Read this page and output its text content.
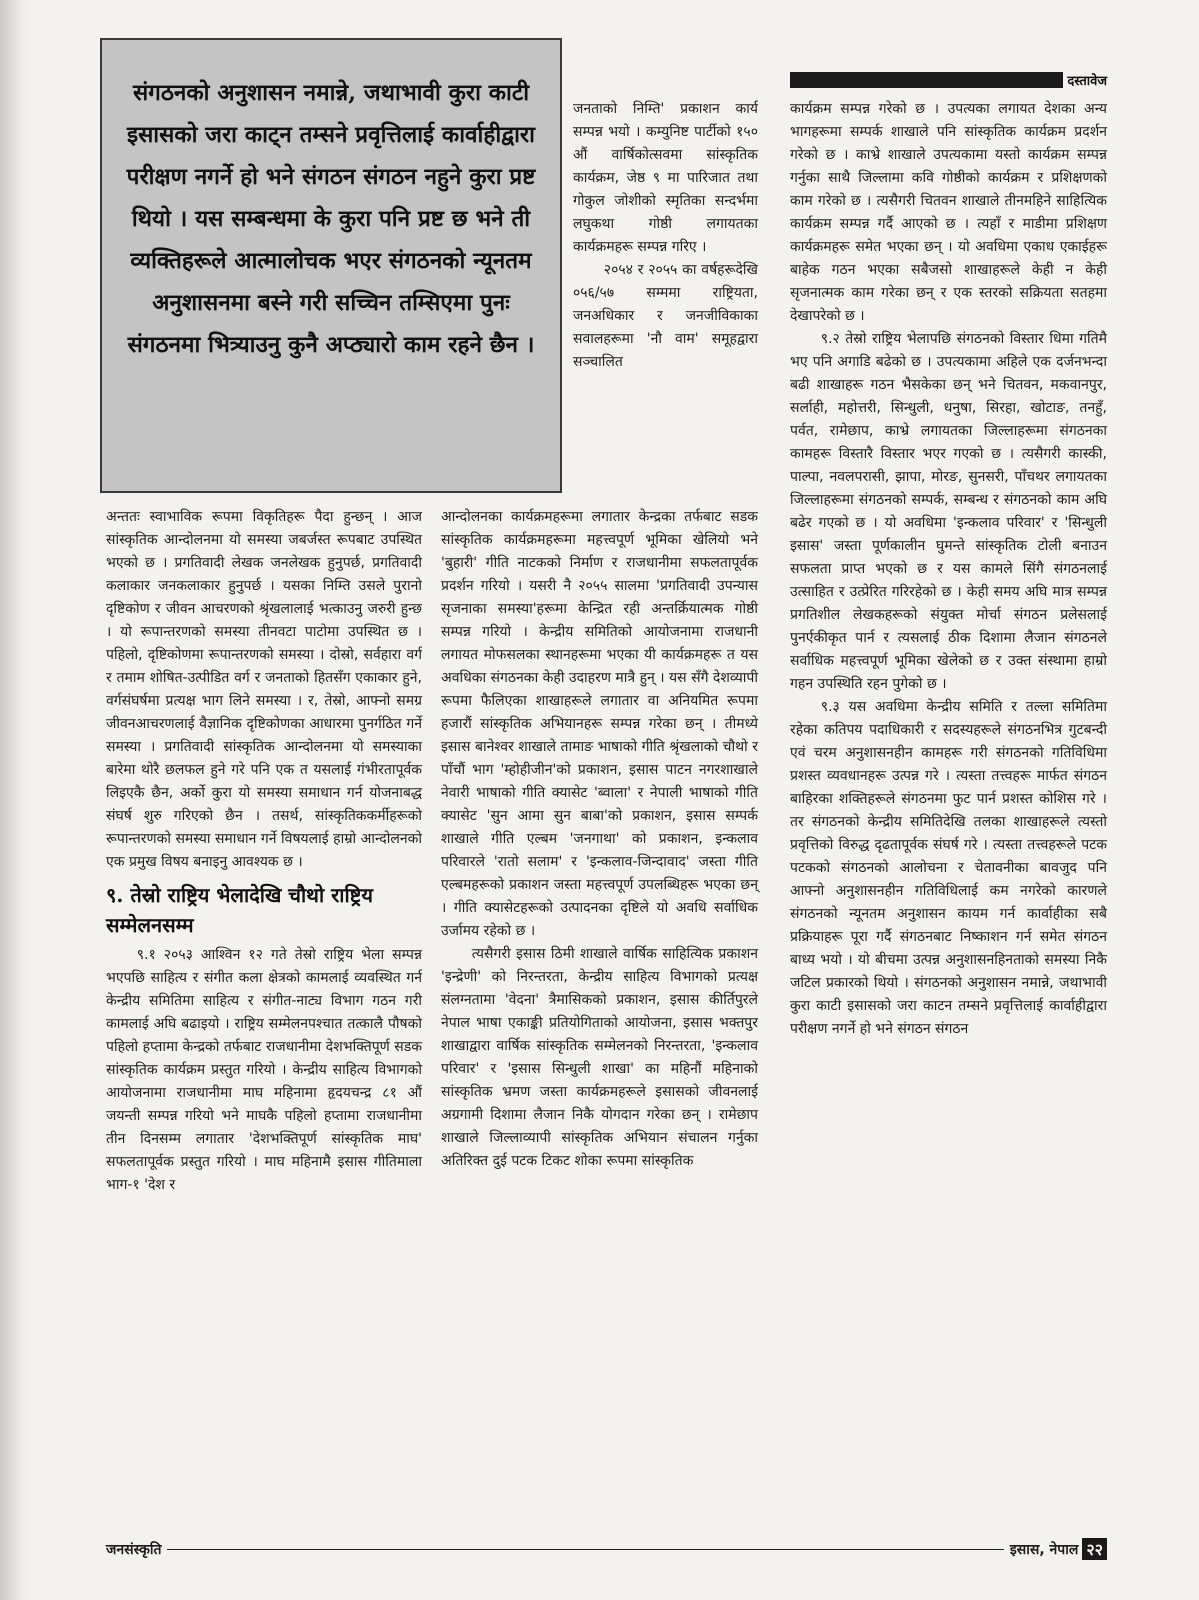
दस्तावेज
संगठनको अनुशासन नमान्ने, जथाभावी कुरा काटी इसासको जरा काट्न तम्सने प्रवृत्तिलाई कार्वाहीद्वारा परीक्षण नगर्ने हो भने संगठन संगठन नहुने कुरा प्रष्ट थियो । यस सम्बन्धमा के कुरा पनि प्रष्ट छ भने ती व्यक्तिहरूले आत्मालोचक भएर संगठनको न्यूनतम अनुशासनमा बस्ने गरी सच्चिन तम्सिएमा पुनः संगठनमा भित्र्याउनु कुनै अप्ठ्यारो काम रहने छैन ।

जनताको निम्ति' प्रकाशन कार्य सम्पन्न भयो । कम्युनिष्ट पार्टीको १५० औं वार्षिकोत्सवमा सांस्कृतिक कार्यक्रम, जेष्ठ ९ मा पारिजात तथा गोकुल जोशीको स्मृतिका सन्दर्भमा लघुकथा गोष्ठी लगायतका कार्यक्रमहरू सम्पन्न गरिए ।

२०५४ र २०५५ का वर्षहरूदेखि ०५६/५७ सम्ममा राष्ट्रियता, जनअधिकार र जनजीविकाका सवालहरूमा 'नौ वाम' समूहद्वारा सञ्चालित

अन्ततः स्वाभाविक रूपमा विकृतिहरू पैदा हुन्छन् । आज सांस्कृतिक आन्दोलनमा यो समस्या जबर्जस्त रूपबाट उपस्थित भएको छ । प्रगतिवादी लेखक जनलेखक हुनुपर्छ, प्रगतिवादी कलाकार जनकलाकार हुनुपर्छ । यसका निम्ति उसले पुरानो दृष्टिकोण र जीवन आचरणको श्रृंखलालाई भत्काउनु जरुरी हुन्छ । यो रूपान्तरणको समस्या तीनवटा पाटोमा उपस्थित छ । पहिलो, दृष्टिकोणमा रूपान्तरणको समस्या । दोस्रो, सर्वहारा वर्ग र तमाम शोषित-उत्पीडित वर्ग र जनताको हितसँग एकाकार हुने, वर्गसंघर्षमा प्रत्यक्ष भाग लिने समस्या । र, तेस्रो, आफ्नो समग्र जीवनआचरणलाई वैज्ञानिक दृष्टिकोणका आधारमा पुनर्गठित गर्ने समस्या । प्रगतिवादी सांस्कृतिक आन्दोलनमा यो समस्याका बारेमा थोरै छलफल हुने गरे पनि एक त यसलाई गंभीरतापूर्वक लिइएकै छैन, अर्को कुरा यो समस्या समाधान गर्न योजनाबद्ध संघर्ष शुरु गरिएको छैन । तसर्थ, सांस्कृतिककर्मीहरूको रूपान्तरणको समस्या समाधान गर्ने विषयलाई हाम्रो आन्दोलनको एक प्रमुख विषय बनाइनु आवश्यक छ ।

९. तेस्रो राष्ट्रिय भेलादेखि चौथो राष्ट्रिय सम्मेलनसम्म

९.१ २०५३ आश्विन १२ गते तेस्रो राष्ट्रिय भेला सम्पन्न भएपछि साहित्य र संगीत कला क्षेत्रको कामलाई व्यवस्थित गर्न केन्द्रीय समितिमा साहित्य र संगीत-नाट्य विभाग गठन गरी कामलाई अघि बढाइयो । राष्ट्रिय सम्मेलनपश्चात तत्कालै पौषको पहिलो हप्तामा केन्द्रको तर्फबाट राजधानीमा देशभक्तिपूर्ण सडक सांस्कृतिक कार्यक्रम प्रस्तुत गरियो । केन्द्रीय साहित्य विभागको आयोजनामा राजधानीमा माघ महिनामा हृदयचन्द्र ८१ औं जयन्ती सम्पन्न गरियो भने माघकै पहिलो हप्तामा राजधानीमा तीन दिनसम्म लगातार 'देशभक्तिपूर्ण सांस्कृतिक माघ' सफलतापूर्वक प्रस्तुत गरियो । माघ महिनामै इसास गीतिमाला भाग-१ 'देश र

आन्दोलनका कार्यक्रमहरूमा लगातार केन्द्रका तर्फबाट सडक सांस्कृतिक कार्यक्रमहरूमा महत्त्वपूर्ण भूमिका खेलियो भने 'बुहारी' गीति नाटकको निर्माण र राजधानीमा सफलतापूर्वक प्रदर्शन गरियो । यसरी नै २०५५ सालमा 'प्रगतिवादी उपन्यास सृजनाका समस्या'हरूमा केन्द्रित रही अन्तर्क्रियात्मक गोष्ठी सम्पन्न गरियो । केन्द्रीय समितिको आयोजनामा राजधानी लगायत मोफसलका स्थानहरूमा भएका यी कार्यक्रमहरू त यस अवधिका संगठनका केही उदाहरण मात्रै हुन् । यस सँगै देशव्यापी रूपमा फैलिएका शाखाहरूले लगातार वा अनियमित रूपमा हजारौं सांस्कृतिक अभियानहरू सम्पन्न गरेका छन् । तीमध्ये इसास बानेश्वर शाखाले तामाङ भाषाको गीति श्रृंखलाको चौथो र पाँचौं भाग 'म्होहीजीन'को प्रकाशन, इसास पाटन नगरशाखाले नेवारी भाषाको गीति क्यासेट 'ब्वाला' र नेपाली भाषाको गीति क्यासेट 'सुन आमा सुन बाबा'को प्रकाशन, इसास सम्पर्क शाखाले गीति एल्बम 'जनगाथा' को प्रकाशन, इन्कलाव परिवारले 'रातो सलाम' र 'इन्कलाव-जिन्दावाद' जस्ता गीति एल्बमहरूको प्रकाशन जस्ता महत्त्वपूर्ण उपलब्धिहरू भएका छन् । गीति क्यासेटहरूको उत्पादनका दृष्टिले यो अवधि सर्वाधिक उर्जामय रहेको छ ।

त्यसैगरी इसास ठिमी शाखाले वार्षिक साहित्यिक प्रकाशन 'इन्द्रेणी' को निरन्तरता, केन्द्रीय साहित्य विभागको प्रत्यक्ष संलग्नतामा 'वेदना' त्रैमासिकको प्रकाशन, इसास कीर्तिपुरले नेपाल भाषा एकाङ्की प्रतियोगिताको आयोजना, इसास भक्तपुर शाखाद्वारा वार्षिक सांस्कृतिक सम्मेलनको निरन्तरता, 'इन्कलाव परिवार' र 'इसास सिन्धुली शाखा' का महिनौं महिनाको सांस्कृतिक भ्रमण जस्ता कार्यक्रमहरूले इसासको जीवनलाई अग्रगामी दिशामा लैजान निकै योगदान गरेका छन् । रामेछाप शाखाले जिल्लाव्यापी सांस्कृतिक अभियान संचालन गर्नुका अतिरिक्त दुई पटक टिकट शोका रूपमा सांस्कृतिक

कार्यक्रम सम्पन्न गरेको छ । उपत्यका लगायत देशका अन्य भागहरूमा सम्पर्क शाखाले पनि सांस्कृतिक कार्यक्रम प्रदर्शन गरेको छ । काभ्रे शाखाले उपत्यकामा यस्तो कार्यक्रम सम्पन्न गर्नुका साथै जिल्लामा कवि गोष्ठीको कार्यक्रम र प्रशिक्षणको काम गरेको छ । त्यसैगरी चितवन शाखाले तीनमहिने साहित्यिक कार्यक्रम सम्पन्न गर्दै आएको छ । त्यहाँ र माडीमा प्रशिक्षण कार्यक्रमहरू समेत भएका छन् । यो अवधिमा एकाध एकाईहरू बाहेक गठन भएका सबैजसो शाखाहरूले केही न केही सृजनात्मक काम गरेका छन् र एक स्तरको सक्रियता सतहमा देखापरेको छ ।

९.२ तेस्रो राष्ट्रिय भेलापछि संगठनको विस्तार धिमा गतिमै भए पनि अगाडि बढेको छ । उपत्यकामा अहिले एक दर्जनभन्दा बढी शाखाहरू गठन भैसकेका छन् भने चितवन, मकवानपुर, सर्लाही, महोत्तरी, सिन्धुली, धनुषा, सिरहा, खोटाङ, तनहुँ, पर्वत, रामेछाप, काभ्रे लगायतका जिल्लाहरूमा संगठनका कामहरू विस्तारै विस्तार भएर गएको छ । त्यसैगरी कास्की, पाल्पा, नवलपरासी, झापा, मोरङ, सुनसरी, पाँचथर लगायतका जिल्लाहरूमा संगठनको सम्पर्क, सम्बन्ध र संगठनको काम अघि बढेर गएको छ । यो अवधिमा 'इन्कलाव परिवार' र 'सिन्धुली इसास' जस्ता पूर्णकालीन घुमन्ते सांस्कृतिक टोली बनाउन सफलता प्राप्त भएको छ र यस कामले सिंगै संगठनलाई उत्साहित र उत्प्रेरित गरिरहेको छ । केही समय अघि मात्र सम्पन्न प्रगतिशील लेखकहरूको संयुक्त मोर्चा संगठन प्रलेसलाई पुनर्एकीकृत पार्न र त्यसलाई ठीक दिशामा लैजान संगठनले सर्वाधिक महत्त्वपूर्ण भूमिका खेलेको छ र उक्त संस्थामा हाम्रो गहन उपस्थिति रहन पुगेको छ ।

९.३ यस अवधिमा केन्द्रीय समिति र तल्ला समितिमा रहेका कतिपय पदाधिकारी र सदस्यहरूले संगठनभित्र गुटबन्दी एवं चरम अनुशासनहीन कामहरू गरी संगठनको गतिविधिमा प्रशस्त व्यवधानहरू उत्पन्न गरे । त्यस्ता तत्त्वहरू मार्फत संगठन बाहिरका शक्तिहरूले संगठनमा फुट पार्न प्रशस्त कोशिस गरे । तर संगठनको केन्द्रीय समितिदेखि तलका शाखाहरूले त्यस्तो प्रवृत्तिको विरुद्ध दृढतापूर्वक संघर्ष गरे । त्यस्ता तत्त्वहरूले पटक पटकको संगठनको आलोचना र चेतावनीका बावजुद पनि आफ्नो अनुशासनहीन गतिविधिलाई कम नगरेको कारणले संगठनको न्यूनतम अनुशासन कायम गर्न कार्वाहीका सबै प्रक्रियाहरू पूरा गर्दै संगठनबाट निष्काशन गर्न समेत संगठन बाध्य भयो । यो बीचमा उत्पन्न अनुशासनहिनताको समस्या निकै जटिल प्रकारको थियो । संगठनको अनुशासन नमान्ने, जथाभावी कुरा काटी इसासको जरा काटन तम्सने प्रवृत्तिलाई कार्वाहीद्वारा परीक्षण नगर्ने हो भने संगठन संगठन

जनसंस्कृति	इसास, नेपाल २२
